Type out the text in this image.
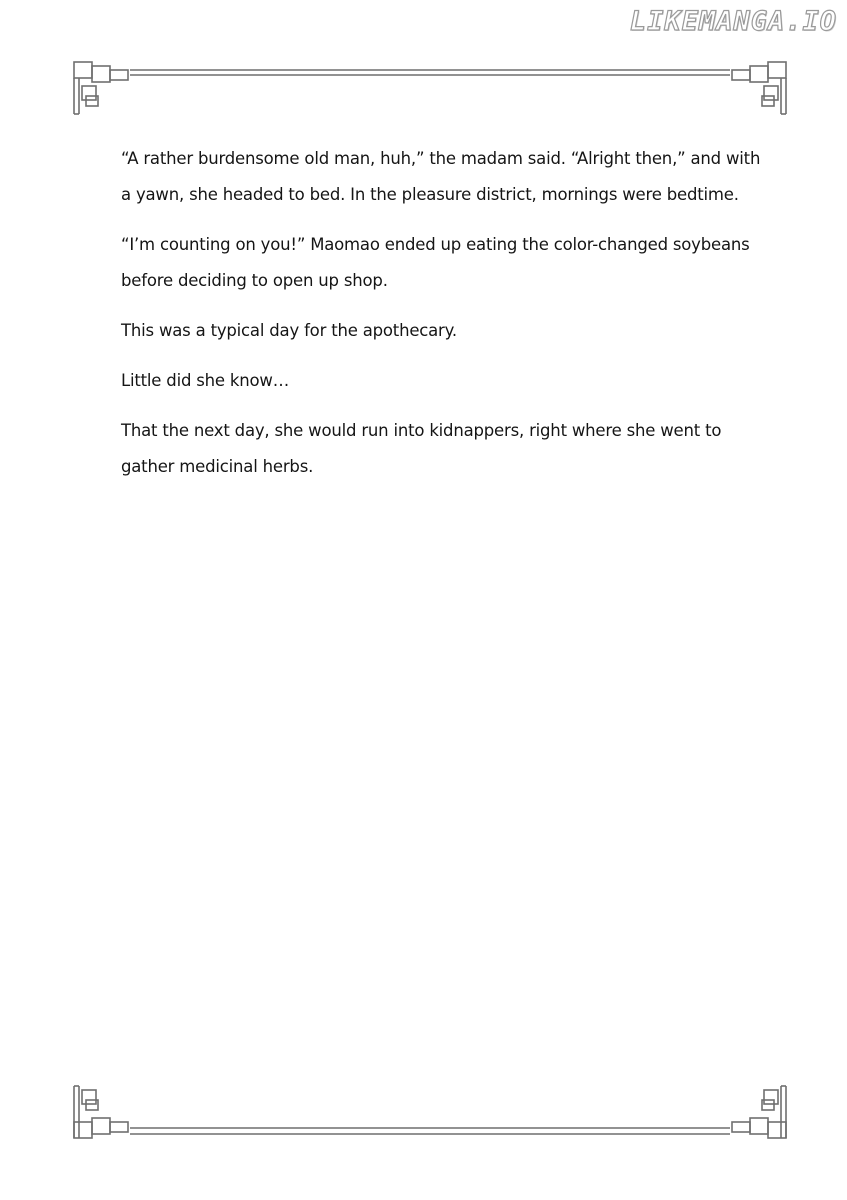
LIKEMANGA.IO

“A rather burdensome old man, huh,” the madam said. “Alright then,” and with a yawn, she headed to bed. In the pleasure district, mornings were bedtime.

“I’m counting on you!” Maomao ended up eating the color-changed soybeans before deciding to open up shop.

This was a typical day for the apothecary.

Little did she know…

That the next day, she would run into kidnappers, right where she went to gather medicinal herbs.
